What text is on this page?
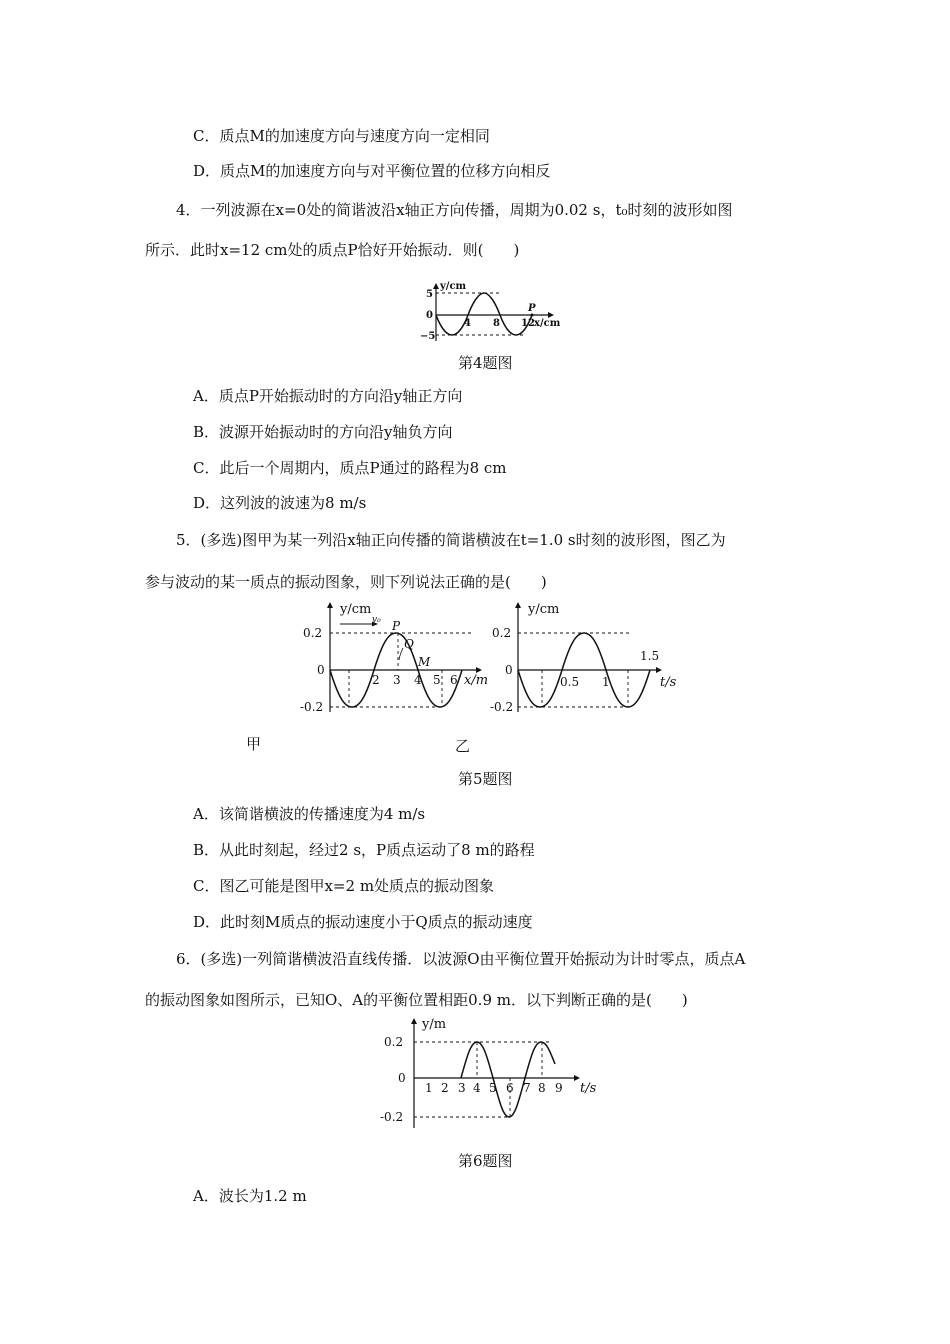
C．质点M的加速度方向与速度方向一定相同
D．质点M的加速度方向与对平衡位置的位移方向相反
4．一列波源在x=0处的简谐波沿x轴正方向传播，周期为0.02 s，t₀时刻的波形如图
所示．此时x=12 cm处的质点P恰好开始振动．则(　　)
y/cm
5
0
−5
4 8 12 x/cm
P
第4题图
A．质点P开始振动时的方向沿y轴正方向
B．波源开始振动时的方向沿y轴负方向
C．此后一个周期内，质点P通过的路程为8 cm
D．这列波的波速为8 m/s
5．(多选)图甲为某一列沿x轴正向传播的简谐横波在t=1.0 s时刻的波形图，图乙为
参与波动的某一质点的振动图象，则下列说法正确的是(　　)
v₀
y/cm
0.2
0
-0.2
2 3 4 5 6 x/m
P
Q
M
y/cm
0.2
0
-0.2
0.5 1
1.5
t/s
甲	乙
第5题图
A．该简谐横波的传播速度为4 m/s
B．从此时刻起，经过2 s，P质点运动了8 m的路程
C．图乙可能是图甲x=2 m处质点的振动图象
D．此时刻M质点的振动速度小于Q质点的振动速度
6．(多选)一列简谐横波沿直线传播．以波源O由平衡位置开始振动为计时零点，质点A
的振动图象如图所示，已知O、A的平衡位置相距0.9 m．以下判断正确的是(　　)
y/m
0.2
0
-0.2
1 2 3 4 5 6 7 8 9 t/s
第6题图
A．波长为1.2 m
